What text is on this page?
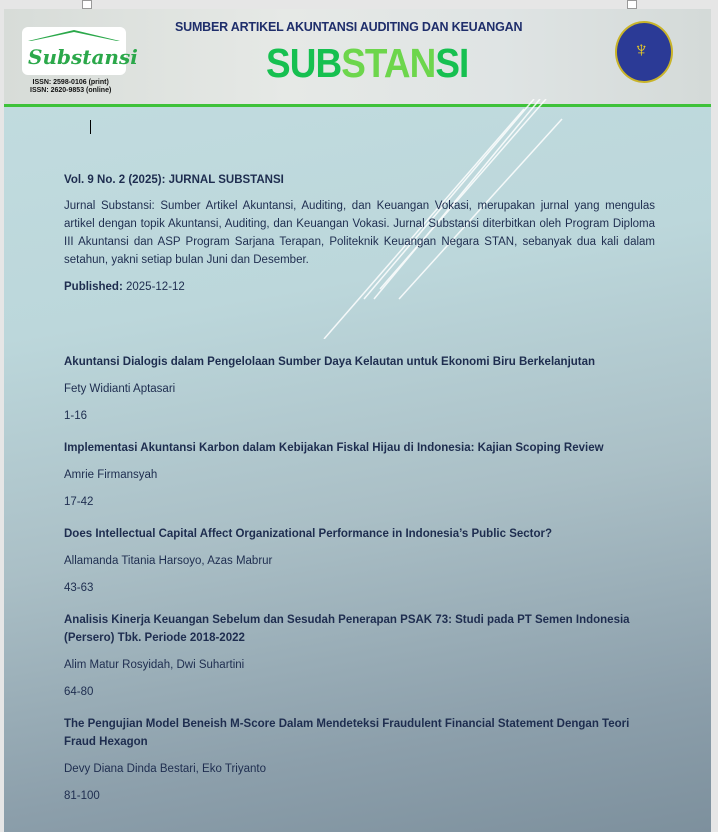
Substansi
ISSN: 2598-0106 (print)
ISSN: 2620-9853 (online)
SUMBER ARTIKEL AKUNTANSI AUDITING DAN KEUANGAN
SUBSTANSI	♆
Vol. 9 No. 2 (2025): JURNAL SUBSTANSI
Jurnal Substansi: Sumber Artikel Akuntansi, Auditing, dan Keuangan Vokasi, merupakan jurnal yang mengulas artikel dengan topik Akuntansi, Auditing, dan Keuangan Vokasi. Jurnal Substansi diterbitkan oleh Program Diploma III Akuntansi dan ASP Program Sarjana Terapan, Politeknik Keuangan Negara STAN, sebanyak dua kali dalam setahun, yakni setiap bulan Juni dan Desember.
Published: 2025-12-12
Akuntansi Dialogis dalam Pengelolaan Sumber Daya Kelautan untuk Ekonomi Biru Berkelanjutan
Fety Widianti Aptasari
1-16
Implementasi Akuntansi Karbon dalam Kebijakan Fiskal Hijau di Indonesia: Kajian Scoping Review
Amrie Firmansyah
17-42
Does Intellectual Capital Affect Organizational Performance in Indonesia’s Public Sector?
Allamanda Titania Harsoyo, Azas Mabrur
43-63
Analisis Kinerja Keuangan Sebelum dan Sesudah Penerapan PSAK 73: Studi pada PT Semen Indonesia (Persero) Tbk. Periode 2018-2022
Alim Matur Rosyidah, Dwi Suhartini
64-80
The Pengujian Model Beneish M-Score Dalam Mendeteksi Fraudulent Financial Statement Dengan Teori Fraud Hexagon
Devy Diana Dinda Bestari, Eko Triyanto
81-100
